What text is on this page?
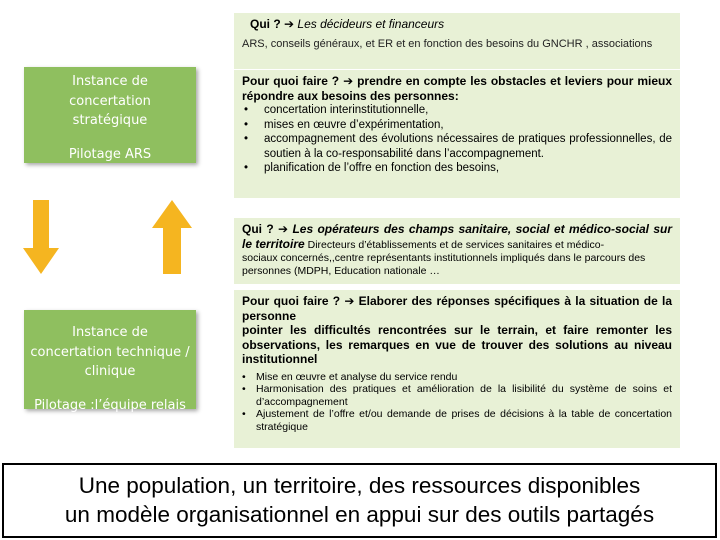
Instance de concertation stratégique
Pilotage ARS
Instance de concertation technique / clinique
Pilotage :l’équipe relais
Qui ? ➔ Les décideurs et financeurs
ARS, conseils généraux, et ER et en fonction des besoins du GNCHR , associations
Pour quoi faire ? ➔ prendre en compte les obstacles et leviers pour mieux répondre aux besoins des personnes:
• concertation interinstitutionnelle,
• mises en œuvre d’expérimentation,
• accompagnement des évolutions nécessaires de pratiques professionnelles, de soutien à la co-responsabilité dans l’accompagnement.
• planification de l’offre en fonction des besoins,
Qui ? ➔ Les opérateurs des champs sanitaire, social et médico-social sur le territoire Directeurs d’établissements et de services sanitaires et médico-
sociaux concernés,,centre représentants institutionnels impliqués dans le parcours des personnes (MDPH, Education nationale …
Pour quoi faire ? ➔ Elaborer des réponses spécifiques à la situation de la personne
pointer les difficultés rencontrées sur le terrain, et faire remonter les observations, les remarques en vue de trouver des solutions au niveau institutionnel
• Mise en œuvre et analyse du service rendu
• Harmonisation des pratiques et amélioration de la lisibilité du système de soins et d’accompagnement
• Ajustement de l’offre et/ou demande de prises de décisions à la table de concertation stratégique
Une population, un territoire, des ressources disponibles
un modèle organisationnel en appui sur des outils partagés
